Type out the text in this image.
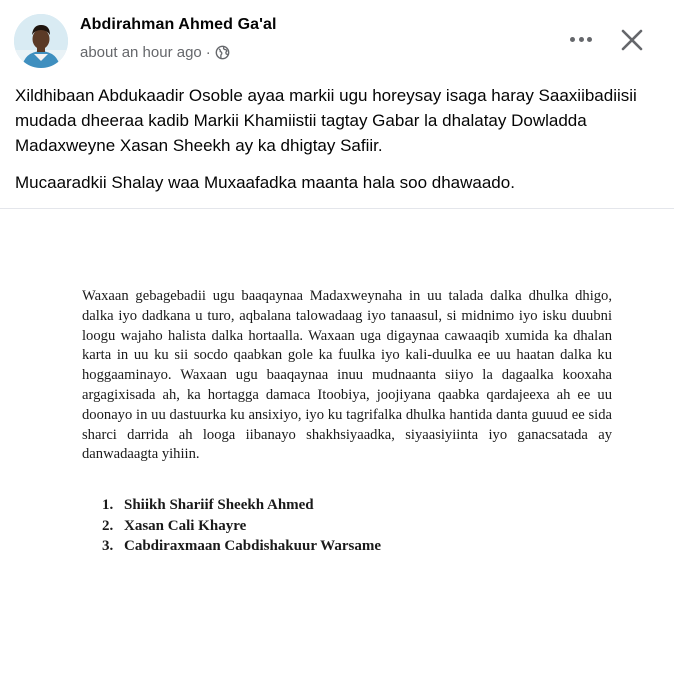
Abdirahman Ahmed Ga'al
about an hour ago ·

Xildhibaan Abdukaadir Osoble ayaa markii ugu horeysay isaga haray Saaxiibadiisii mudada dheeraa kadib Markii Khamiistii tagtay Gabar la dhalatay Dowladda Madaxweyne Xasan Sheekh ay ka dhigtay Safiir.

Mucaaradkii Shalay waa Muxaafadka maanta hala soo dhawaado.

Waxaan gebagebadii ugu baaqaynaa Madaxweynaha in uu talada dalka dhulka dhigo, dalka iyo dadkana u turo, aqbalana talowadaag iyo tanaasul, si midnimo iyo isku duubni loogu wajaho halista dalka hortaalla. Waxaan uga digaynaa cawaaqib xumida ka dhalan karta in uu ku sii socdo qaabkan gole ka fuulka iyo kali-duulka ee uu haatan dalka ku hoggaaminayo. Waxaan ugu baaqaynaa inuu mudnaanta siiyo la dagaalka kooxaha argagixisada ah, ka hortagga damaca Itoobiya, joojiyana qaabka qardajeexa ah ee uu doonayo in uu dastuurka ku ansixiyo, iyo ku tagrifalka dhulka hantida danta guuud ee sida sharci darrida ah looga iibanayo shakhsiyaadka, siyaasiyiinta iyo ganacsatada ay danwadaagta yihiin.

1. Shiikh Shariif Sheekh Ahmed
2. Xasan Cali Khayre
3. Cabdiraxmaan Cabdishakuur Warsame
